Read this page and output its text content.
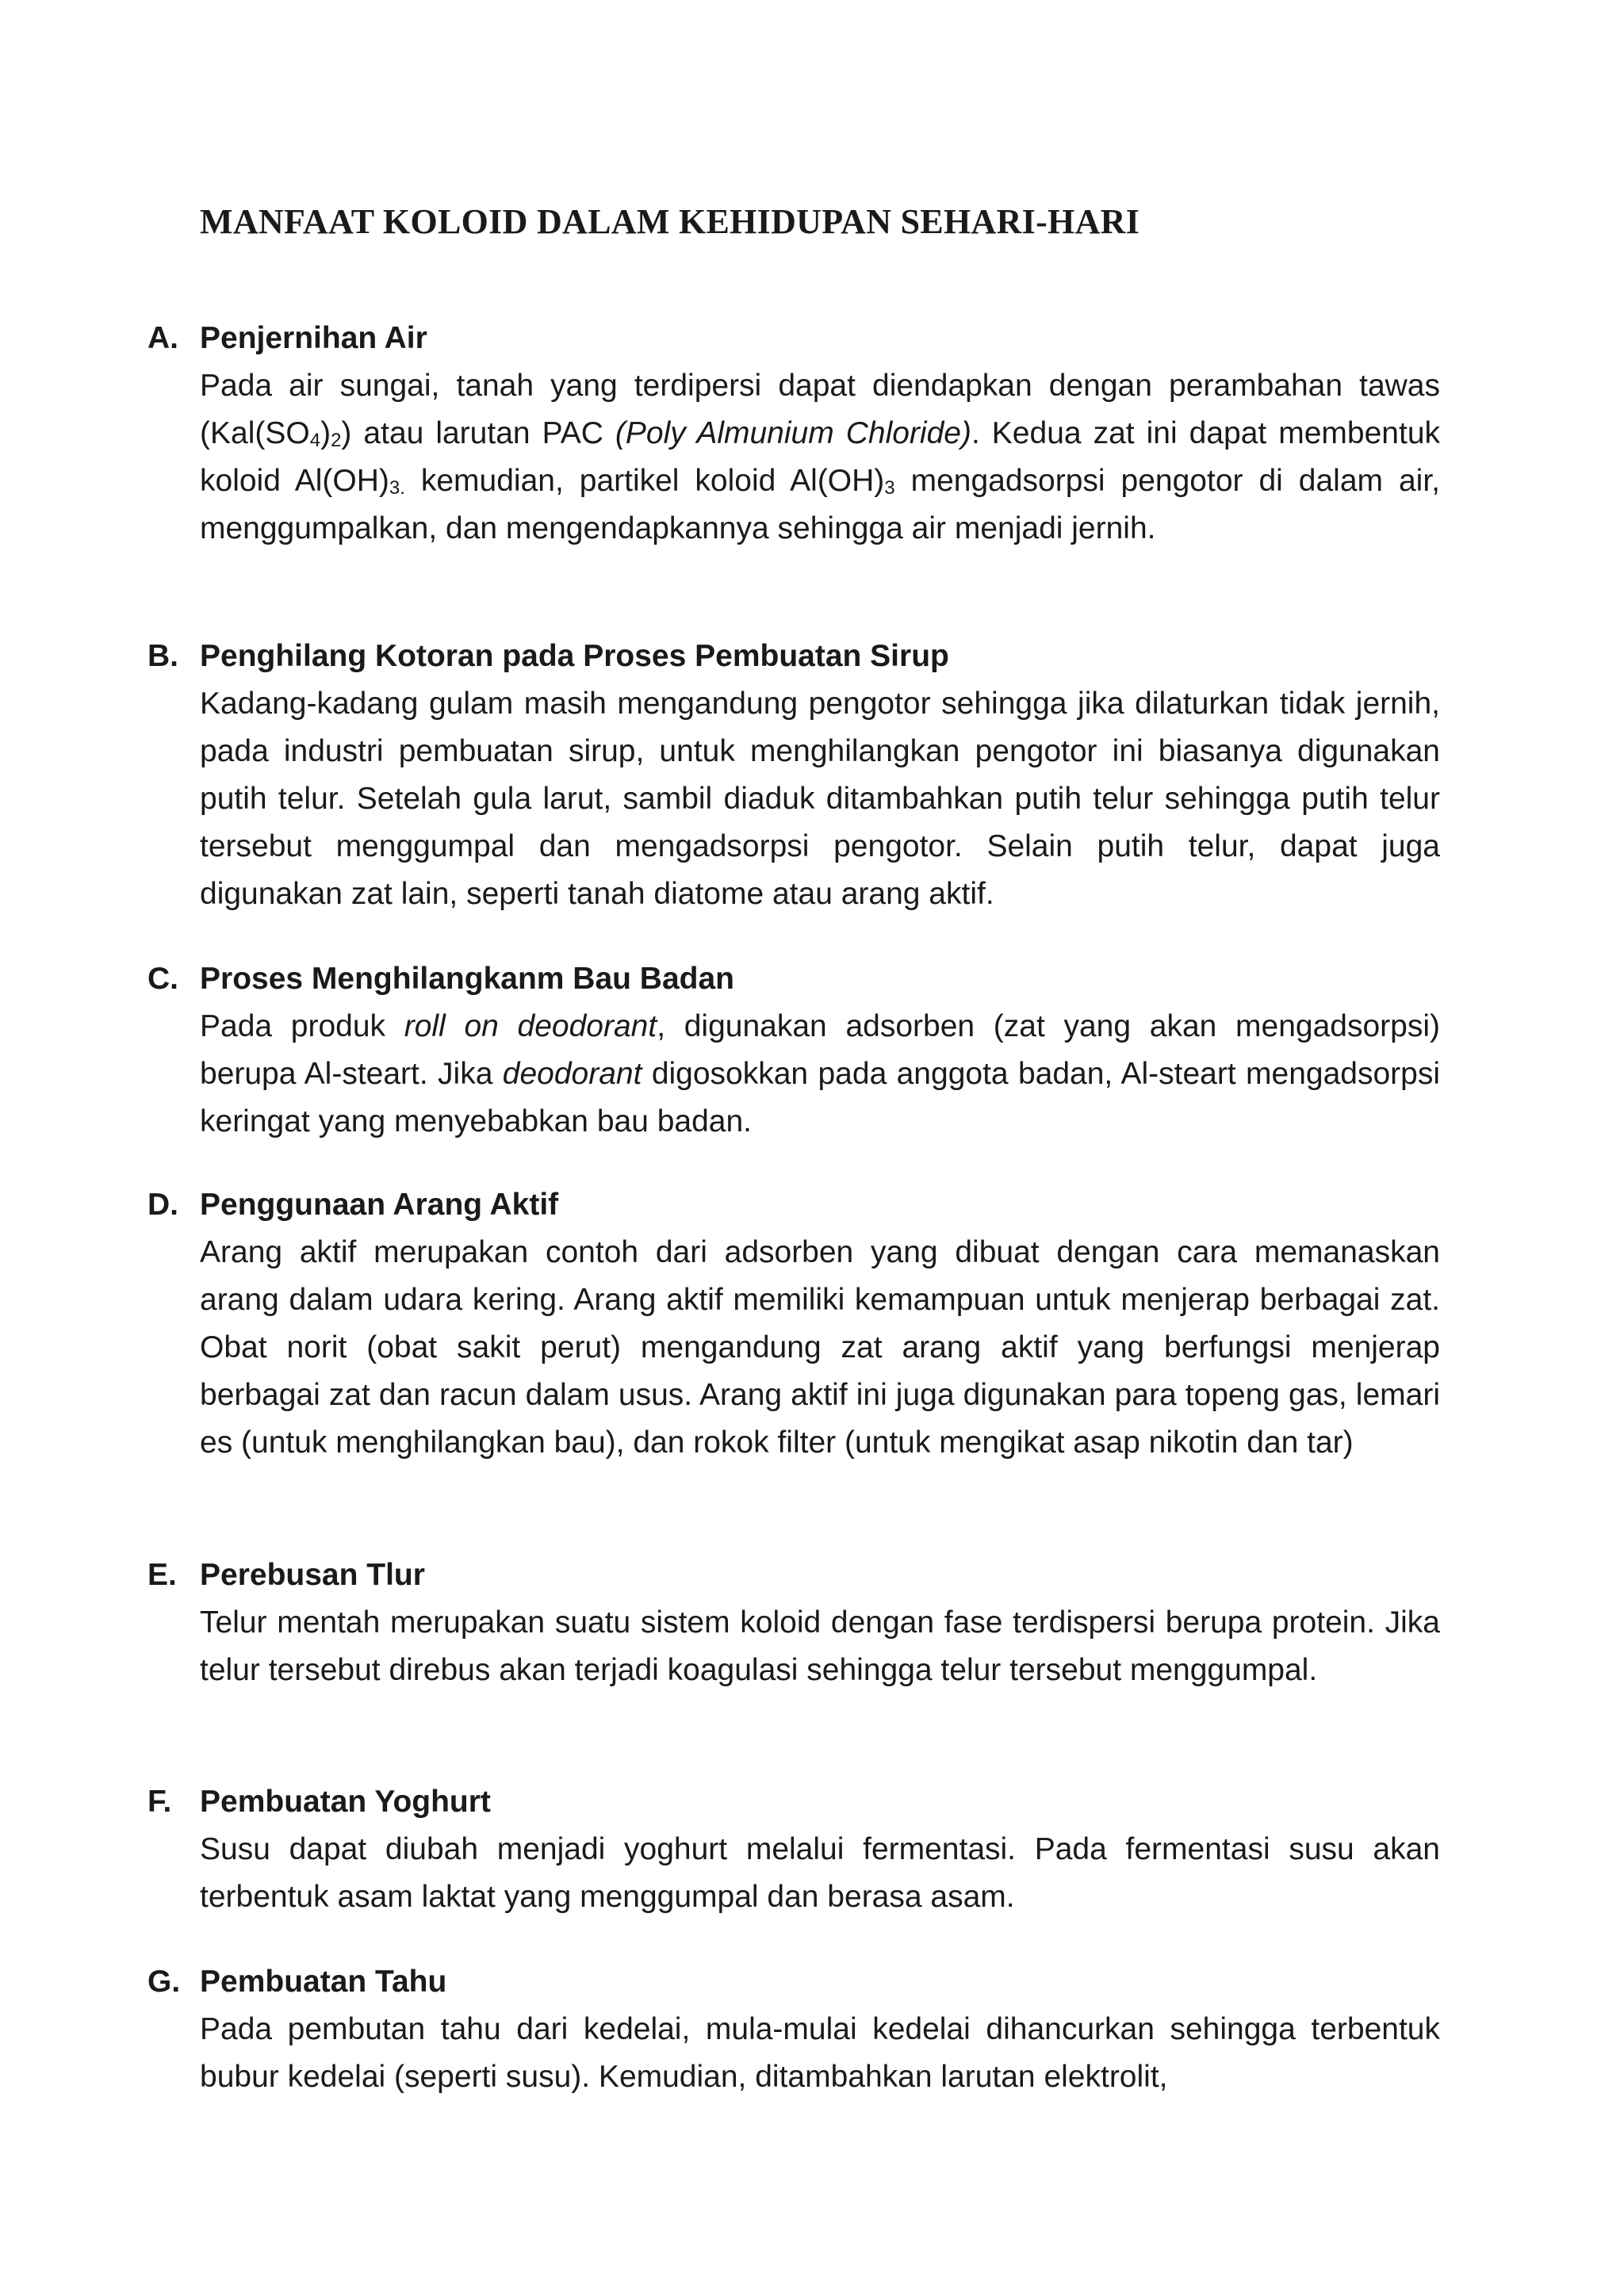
MANFAAT KOLOID DALAM KEHIDUPAN SEHARI-HARI
A. Penjernihan Air

Pada air sungai, tanah yang terdipersi dapat diendapkan dengan perambahan tawas $(Kal(SO_4)_2)$ atau larutan PAC (Poly Almunium Chloride). Kedua zat ini dapat membentuk koloid $Al(OH)_{3.}$ kemudian, partikel koloid $Al(OH)_3$ mengadsorpsi pengotor di dalam air, menggumpalkan, dan mengendapkannya sehingga air menjadi jernih.

B. Penghilang Kotoran pada Proses Pembuatan Sirup

Kadang-kadang gulam masih mengandung pengotor sehingga jika dilaturkan tidak jernih, pada industri pembuatan sirup, untuk menghilangkan pengotor ini biasanya digunakan putih telur. Setelah gula larut, sambil diaduk ditambahkan putih telur sehingga putih telur tersebut menggumpal dan mengadsorpsi pengotor. Selain putih telur, dapat juga digunakan zat lain, seperti tanah diatome atau arang aktif.

C. Proses Menghilangkanm Bau Badan

Pada produk roll on deodorant, digunakan adsorben (zat yang akan mengadsorpsi) berupa Al-steart. Jika deodorant digosokkan pada anggota badan, Al-steart mengadsorpsi keringat yang menyebabkan bau badan.

D. Penggunaan Arang Aktif

Arang aktif merupakan contoh dari adsorben yang dibuat dengan cara memanaskan arang dalam udara kering. Arang aktif memiliki kemampuan untuk menjerap berbagai zat. Obat norit (obat sakit perut) mengandung zat arang aktif yang berfungsi menjerap berbagai zat dan racun dalam usus. Arang aktif ini juga digunakan para topeng gas, lemari es (untuk menghilangkan bau), dan rokok filter (untuk mengikat asap nikotin dan tar)

E. Perebusan Tlur

Telur mentah merupakan suatu sistem koloid dengan fase terdispersi berupa protein. Jika telur tersebut direbus akan terjadi koagulasi sehingga telur tersebut menggumpal.

F. Pembuatan Yoghurt

Susu dapat diubah menjadi yoghurt melalui fermentasi. Pada fermentasi susu akan terbentuk asam laktat yang menggumpal dan berasa asam.

G. Pembuatan Tahu

Pada pembutan tahu dari kedelai, mula-mulai kedelai dihancurkan sehingga terbentuk bubur kedelai (seperti susu). Kemudian, ditambahkan larutan elektrolit,
